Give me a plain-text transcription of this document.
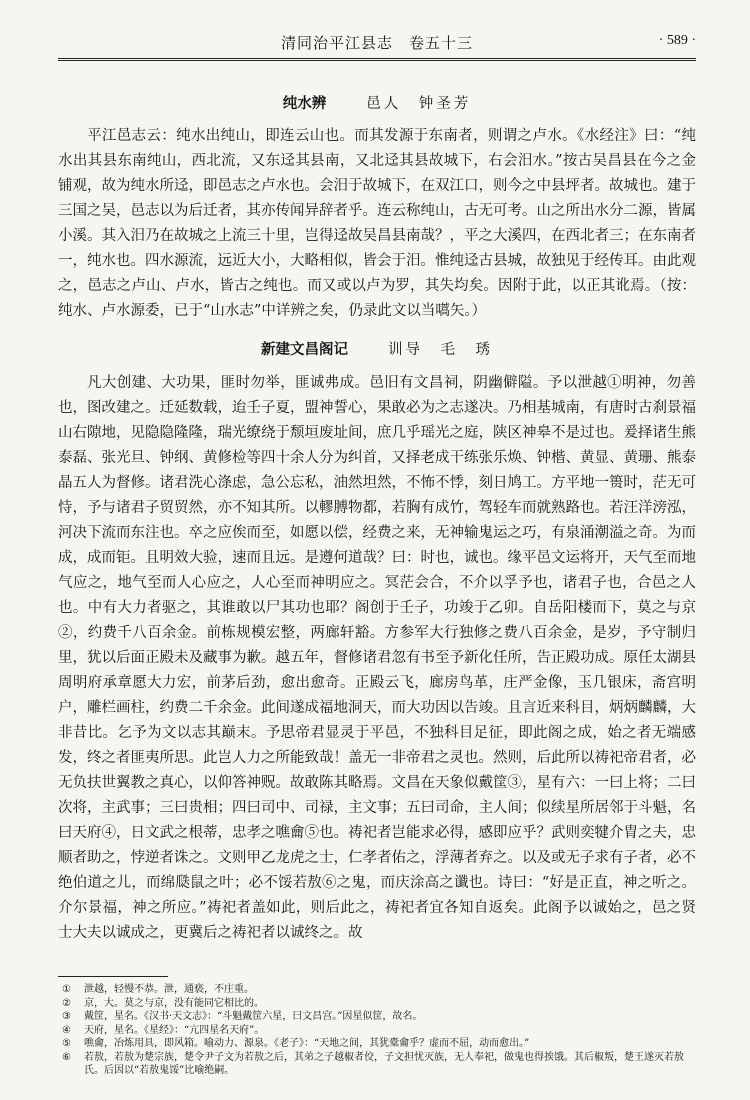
清同治平江县志　卷五十三	· 589 ·
纯水辨	邑人　钟圣芳

平江邑志云：纯水出纯山，即连云山也。而其发源于东南者，则谓之卢水。《水经注》曰：“纯水出其县东南纯山，西北流，又东迳其县南，又北迳其县故城下，右会汨水。”按古吴昌县在今之金铺观，故为纯水所迳，即邑志之卢水也。会汨于故城下，在双江口，则今之中县坪者。故城也。建于三国之吴，邑志以为后迁者，其亦传闻异辞者乎。连云称纯山，古无可考。山之所出水分二源，皆属小溪。其入汨乃在故城之上流三十里，岂得迳故吴昌县南哉？，平之大溪四，在西北者三；在东南者一，纯水也。四水源流，远近大小，大略相似，皆会于汨。惟纯迳古县城，故独见于经传耳。由此观之，邑志之卢山、卢水，皆古之纯也。而又或以卢为罗，其失均矣。因附于此，以正其讹焉。（按：纯水、卢水源委，已于“山水志”中详辨之矣，仍录此文以当嚆矢。）

新建文昌阁记	训导　毛　琇

凡大创建、大功果，匪时勿举，匪诚弗成。邑旧有文昌祠，阴幽僻隘。予以泄越①明神，勿善也，图改建之。迁延数载，迨壬子夏，盟神誓心，果敢必为之志遂决。乃相基城南，有唐时古刹景福山右隙地，见隐隐隆隆，瑞光缭绕于颓垣废址间，庶几乎瑶光之庭，陕区神皋不是过也。爰择诸生熊泰磊、张光旦、钟纲、黄修检等四十余人分为纠首，又择老成干练张乐焕、钟楷、黄显、黄珊、熊泰晶五人为督修。诸君洗心涤虑，急公忘私，油然坦然，不怖不悸，刻日鸠工。方平地一篑时，茫无可恃，予与诸君子贸贸然，亦不知其所。以轇膊物都，若胸有成竹，驾轻车而就熟路也。若汪洋滂泓，河决下流而东注也。卒之应俟而至，如愿以偿，经费之来，无神输鬼运之巧，有泉涌潮溢之奇。为而成，成而钜。且明效大验，速而且远。是遵何道哉？曰：时也，诚也。缘平邑文运将开，天气至而地气应之，地气至而人心应之，人心至而神明应之。冥茫会合，不介以孚予也，诸君子也，合邑之人也。中有大力者驱之，其谁敢以尸其功也耶？阁创于壬子，功竣于乙卯。自岳阳楼而下，莫之与京②，约费千八百余金。前栋规模宏整，两廊轩豁。方参军大行独修之费八百余金，是岁，予守制归里，犹以后面正殿未及藏事为歉。越五年，督修诸君忽有书至予新化任所，告正殿功成。原任太湖县周明府承章愿大力宏，前茅后劲，愈出愈奇。正殿云飞，廊房鸟革，庄严金像，玉几银床，斋宫明户，雕栏画柱，约费二千余金。此间遂成福地洞天，而大功因以告竣。且言近来科目，炳炳麟麟，大非昔比。乞予为文以志其巅末。予思帝君显灵于平邑，不独科目足征，即此阁之成，始之者无端感发，终之者匪夷所思。此岂人力之所能致哉！盖无一非帝君之灵也。然则，后此所以祷祀帝君者，必无负扶世翼教之真心，以仰答神贶。故敢陈其略焉。文昌在天象似戴筐③，星有六：一曰上将；二曰次将，主武事；三曰贵相；四曰司中、司禄，主文事；五曰司命，主人间；似续星所居邻于斗魁，名曰天府④，日文武之根蒂，忠孝之噍龠⑤也。祷祀者岂能求必得，感即应乎？武则奕犍介胄之夫，忠顺者助之，悖逆者诛之。文则甲乙龙虎之士，仁孝者佑之，浮薄者弃之。以及或无子求有子者，必不绝伯道之儿，而绵瓞鼠之叶；必不馁若敖⑥之鬼，而庆涂高之谶也。诗曰：“好是正直，神之听之。介尔景福，神之所应。”祷祀者盖如此，则后此之，祷祀者宜各知自返矣。此阁予以诚始之，邑之贤士大夫以诚成之，更冀后之祷祀者以诚终之。故

①	泄越，轻慢不恭。泄，通亵，不庄重。
②	京，大。莫之与京，没有能同它相比的。
③	戴筐，星名。《汉书·天文志》：“斗魁戴筐六星，曰文昌宫。”因星似筐，故名。
④	天府，星名。《星经》：“亢四星名天府”。
⑤	噍龠，冶炼用具，即风箱。喻动力、源泉。《老子》：“天地之间，其犹橐龠乎？虚而不屈，动而愈出。”
⑥	若敖，若敖为楚宗族，楚令尹子文为若敖之后，其弟之子越椒者佼，子文担忧灭族，无人奉祀，做鬼也得挨饿。其后椒叛，楚王遂灭若敖氏。后因以“若敖鬼馁”比喻绝嗣。
